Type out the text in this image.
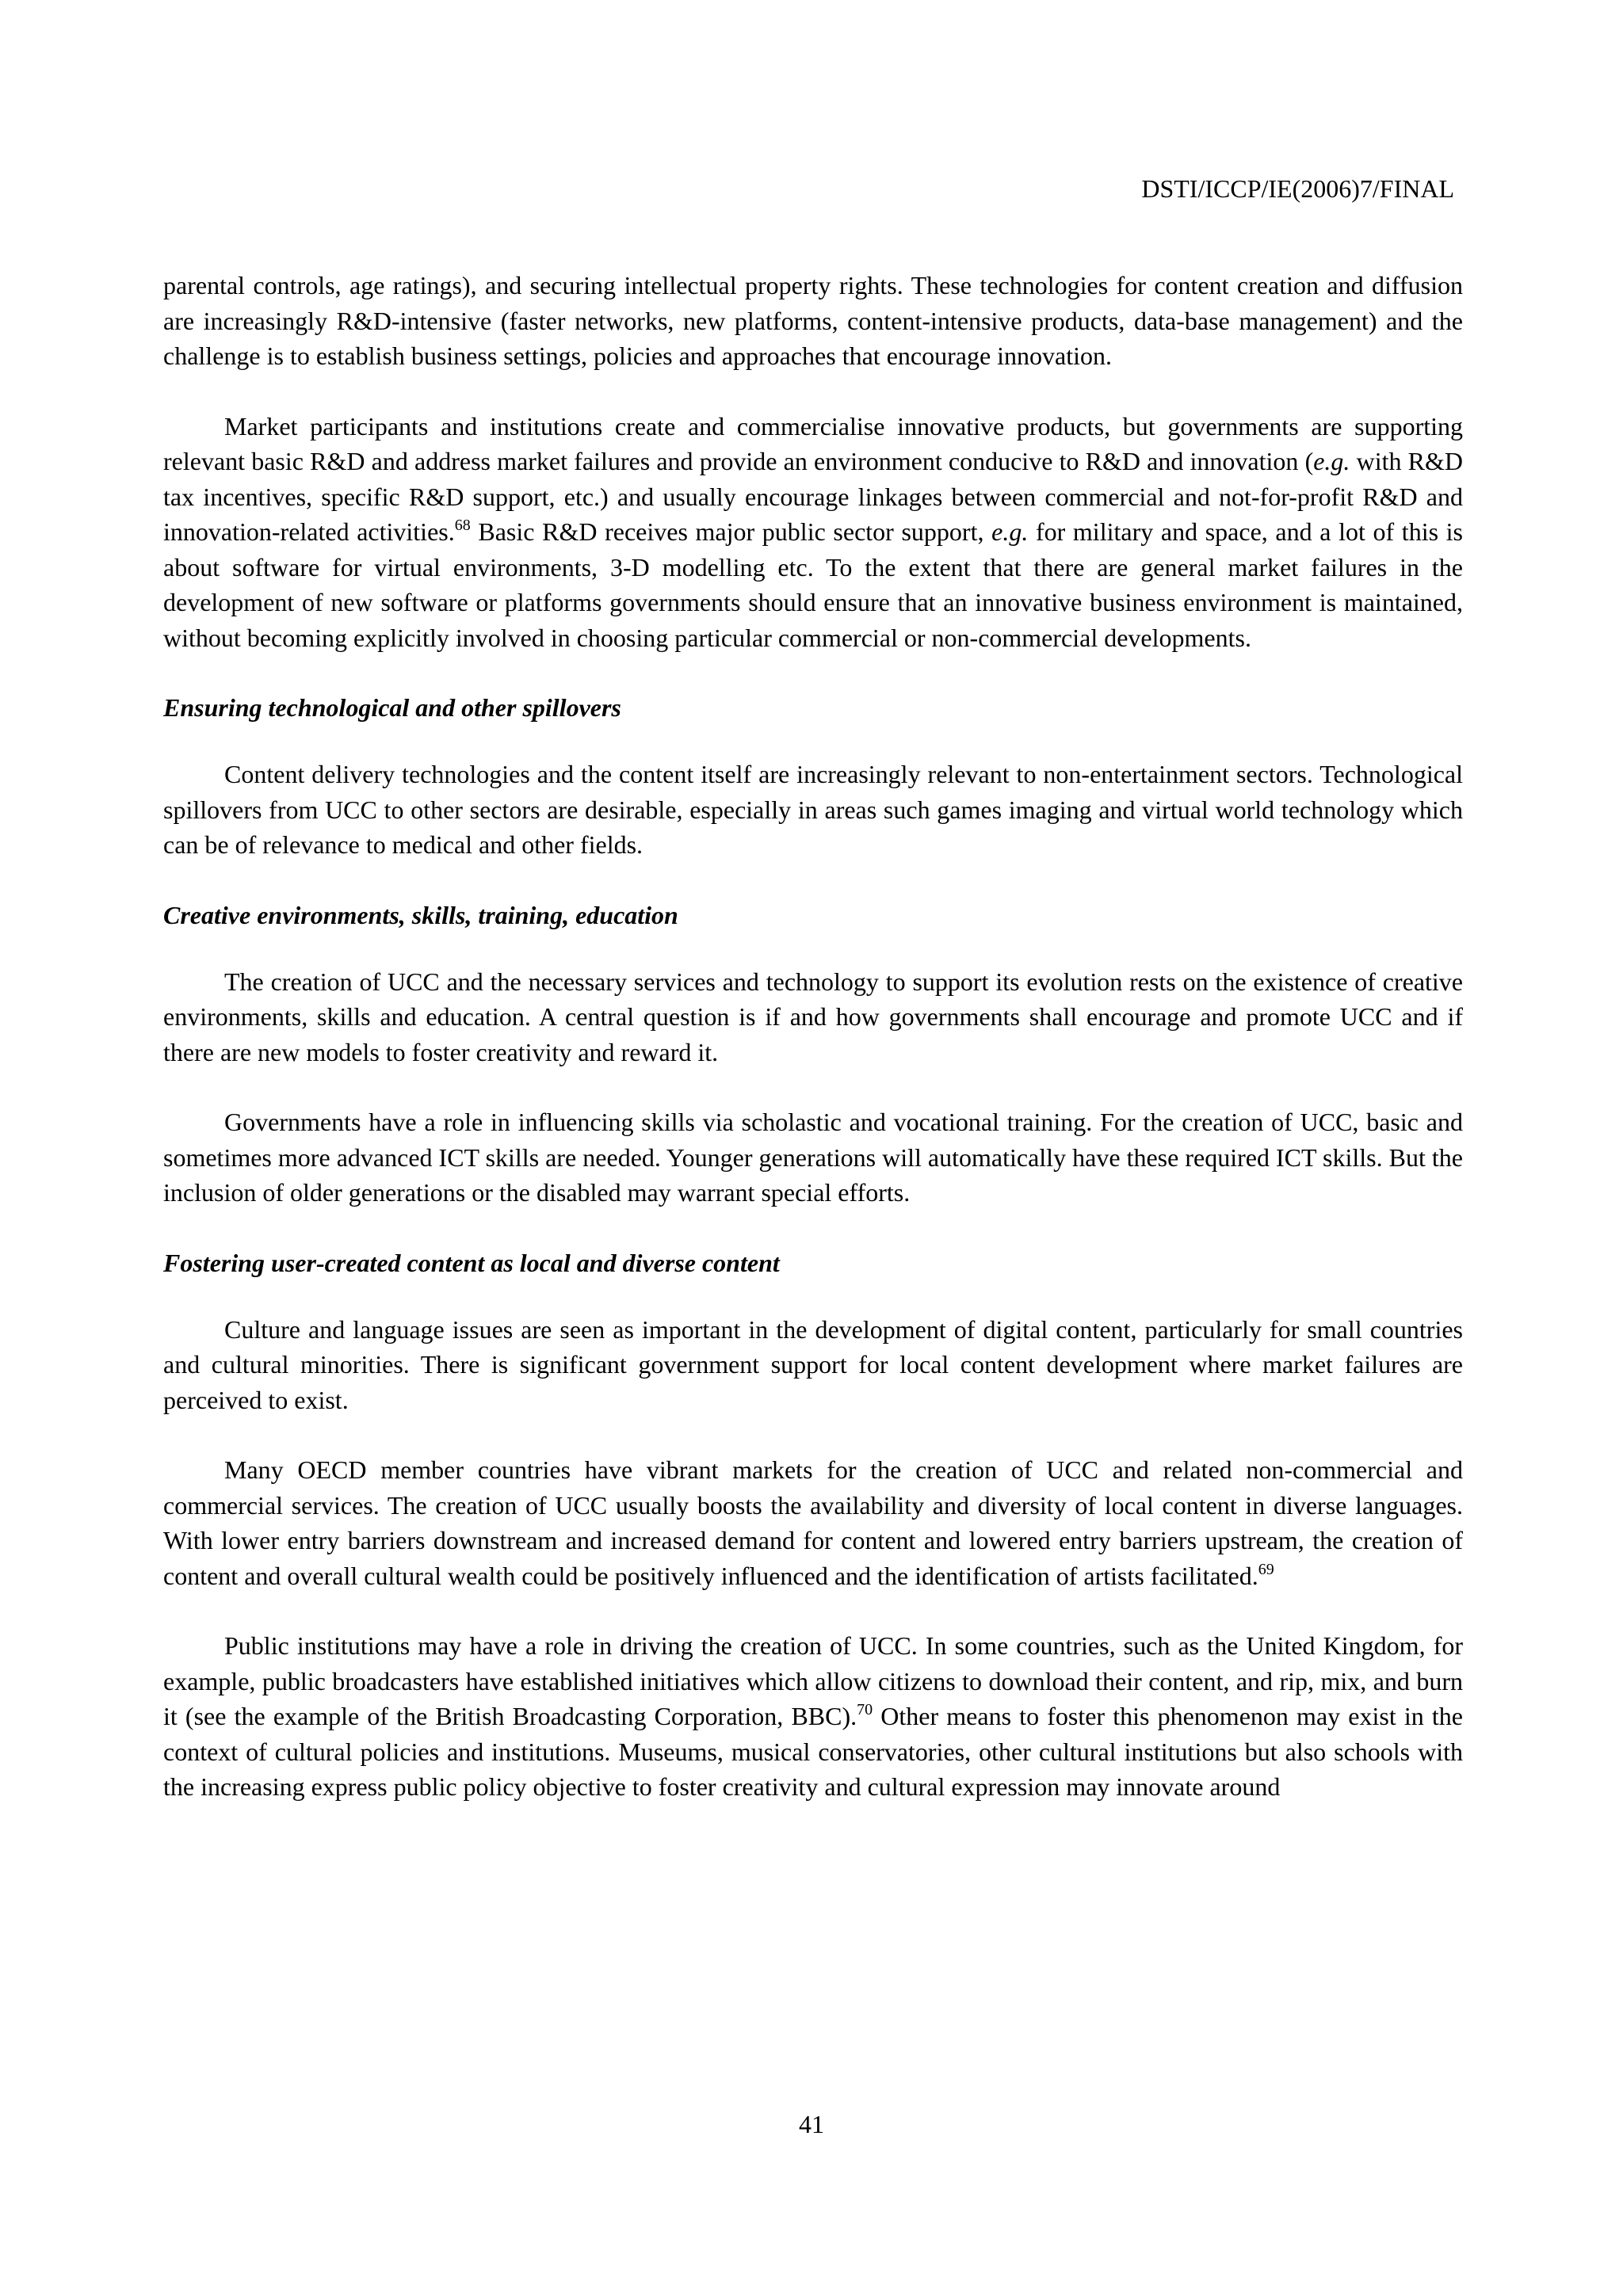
DSTI/ICCP/IE(2006)7/FINAL

parental controls, age ratings), and securing intellectual property rights. These technologies for content creation and diffusion are increasingly R&D-intensive (faster networks, new platforms, content-intensive products, data-base management) and the challenge is to establish business settings, policies and approaches that encourage innovation.

Market participants and institutions create and commercialise innovative products, but governments are supporting relevant basic R&D and address market failures and provide an environment conducive to R&D and innovation (e.g. with R&D tax incentives, specific R&D support, etc.) and usually encourage linkages between commercial and not-for-profit R&D and innovation-related activities.$^{68}$ Basic R&D receives major public sector support, e.g. for military and space, and a lot of this is about software for virtual environments, 3-D modelling etc. To the extent that there are general market failures in the development of new software or platforms governments should ensure that an innovative business environment is maintained, without becoming explicitly involved in choosing particular commercial or non-commercial developments.

Ensuring technological and other spillovers

Content delivery technologies and the content itself are increasingly relevant to non-entertainment sectors. Technological spillovers from UCC to other sectors are desirable, especially in areas such games imaging and virtual world technology which can be of relevance to medical and other fields.

Creative environments, skills, training, education

The creation of UCC and the necessary services and technology to support its evolution rests on the existence of creative environments, skills and education. A central question is if and how governments shall encourage and promote UCC and if there are new models to foster creativity and reward it.

Governments have a role in influencing skills via scholastic and vocational training. For the creation of UCC, basic and sometimes more advanced ICT skills are needed. Younger generations will automatically have these required ICT skills. But the inclusion of older generations or the disabled may warrant special efforts.

Fostering user-created content as local and diverse content

Culture and language issues are seen as important in the development of digital content, particularly for small countries and cultural minorities. There is significant government support for local content development where market failures are perceived to exist.

Many OECD member countries have vibrant markets for the creation of UCC and related non-commercial and commercial services. The creation of UCC usually boosts the availability and diversity of local content in diverse languages. With lower entry barriers downstream and increased demand for content and lowered entry barriers upstream, the creation of content and overall cultural wealth could be positively influenced and the identification of artists facilitated.$^{69}$

Public institutions may have a role in driving the creation of UCC. In some countries, such as the United Kingdom, for example, public broadcasters have established initiatives which allow citizens to download their content, and rip, mix, and burn it (see the example of the British Broadcasting Corporation, BBC).$^{70}$ Other means to foster this phenomenon may exist in the context of cultural policies and institutions. Museums, musical conservatories, other cultural institutions but also schools with the increasing express public policy objective to foster creativity and cultural expression may innovate around

41
